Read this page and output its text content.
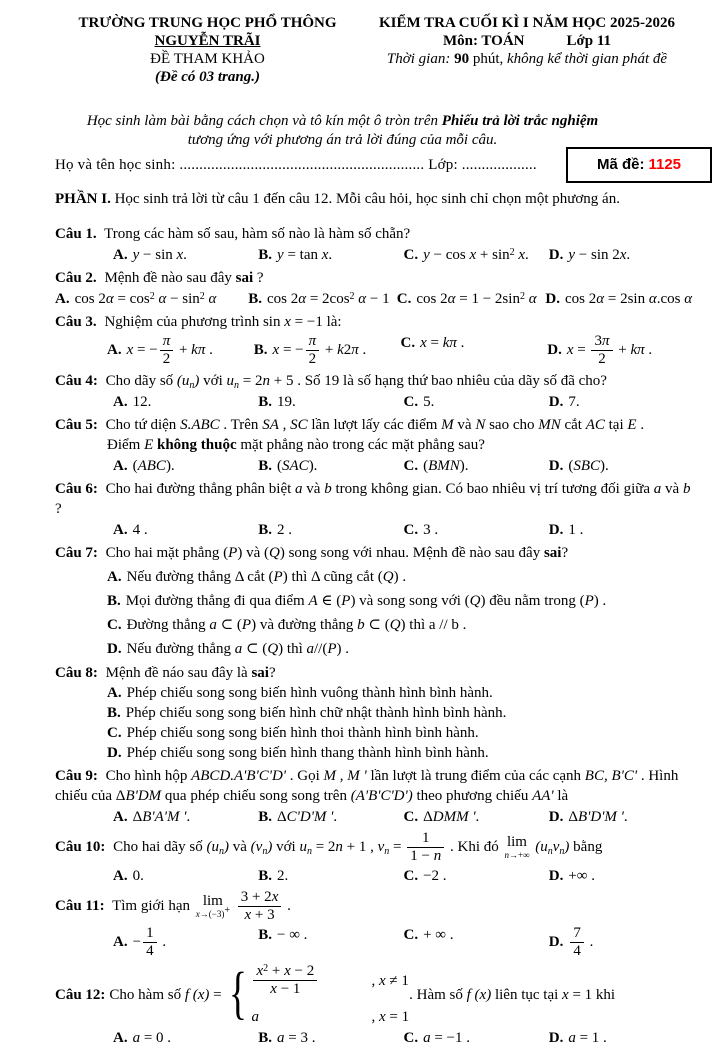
TRƯỜNG TRUNG HỌC PHỔ THÔNG
NGUYỄN TRÃI
ĐỀ THAM KHẢO
(Đề có 03 trang.)
KIỂM TRA CUỐI KÌ I NĂM HỌC 2025-2026
Môn: TOÁN	Lớp 11
Thời gian: 90 phút, không kể thời gian phát đề
Học sinh làm bài bằng cách chọn và tô kín một ô tròn trên Phiếu trả lời trắc nghiệm
tương ứng với phương án trả lời đúng của mỗi câu.
Họ và tên học sinh: .............................................................. Lớp: ...................	Mã đề: 1125

PHẦN I. Học sinh trả lời từ câu 1 đến câu 12. Mỗi câu hỏi, học sinh chỉ chọn một phương án.

Câu 1. Trong các hàm số sau, hàm số nào là hàm số chẵn?

A. y − sin x.	B. y = tan x.	C. $y - \cos x + \sin^2 x$.	D. y − sin 2x.

Câu 2. Mệnh đề nào sau đây sai ?

A. $\cos 2\alpha = \cos^2 \alpha - \sin^2 \alpha$	B. $\cos 2\alpha = 2\cos^2$ α − 1 C. $\cos 2\alpha = 1 - 2\sin^2$ α D. cos 2α = 2sin α.cos α

Câu 3. Nghiệm của phương trình sin x = −1 là:

A. x = − $\frac{\pi}{2} + k\pi$ .	B. x = − $\frac{\pi}{2} + k2\pi$ .	C. x = kπ .	D. $x = \frac{3\pi}{2} + k\pi$ .

Câu 4: Cho dãy số $(u_n)$ với $u_n = 2n + 5$ . Số 19 là số hạng thứ bao nhiêu của dãy số đã cho?

A. 12.	B. 19.	C. 5.	D. 7.

Câu 5: Cho tứ diện S.ABC . Trên SA , SC lần lượt lấy các điểm M và N sao cho MN cắt AC tại E .

Điểm E không thuộc mặt phẳng nào trong các mặt phẳng sau?

A. (ABC).	B. (SAC).	C. (BMN).	D. (SBC).

Câu 6: Cho hai đường thẳng phân biệt a và b trong không gian. Có bao nhiêu vị trí tương đối giữa a và b ?

A. 4 .	B. 2 .	C. 3 .	D. 1 .

Câu 7: Cho hai mặt phẳng (P) và (Q) song song với nhau. Mệnh đề nào sau đây sai?

A. Nếu đường thẳng Δ cắt (P) thì Δ cũng cắt (Q) .

B. Mọi đường thẳng đi qua điểm A ∈ (P) và song song với (Q) đều nằm trong (P) .

C. Đường thẳng a ⊂ (P) và đường thẳng b ⊂ (Q) thì a // b .

D. Nếu đường thẳng a ⊂ (Q) thì a//(P) .

Câu 8: Mệnh đề náo sau đây là sai?

A. Phép chiếu song song biến hình vuông thành hình bình hành.

B. Phép chiếu song song biến hình chữ nhật thành hình bình hành.

C. Phép chiếu song song biến hình thoi thành hình bình hành.

D. Phép chiếu song song biến hình thang thành hình bình hành.

Câu 9: Cho hình hộp ABCD.A'B'C'D' . Gọi M , M ' lần lượt là trung điểm của các cạnh BC, B'C' . Hình

chiếu của ΔB'DM qua phép chiếu song song trên (A'B'C'D') theo phương chiếu AA' là

A. ΔB'A'M '.	B. ΔC'D'M '.	C. ΔDMM '.	D. ΔB'D'M '.

Câu 10: Cho hai dãy số $(u_n)$ và $(v_n)$ với $u_n = 2n + 1$ , $v_n = \frac{1}{1 - n}$ . Khi đó lim
n→+∞
$(u_nv_n)$ bằng

A. 0.	B. 2.	C. −2 .	D. +∞ .

Câu 11: Tìm giới hạn lim
x→(−3)+
$\frac{3 + 2x}{x + 3}$ .

A. − $\frac{1}{4}$ .	B. − ∞ .	C. + ∞ .	D. $\frac{7}{4}$ .
Câu 12: Cho hàm số f (x) = { $\frac{x^2 + x - 2}{x - 1}$	, x ≠ 1
a	, x = 1
. Hàm số f (x) liên tục tại x = 1 khi
A. a = 0 .	B. a = 3 .	C. a = −1 .	D. a = 1 .
